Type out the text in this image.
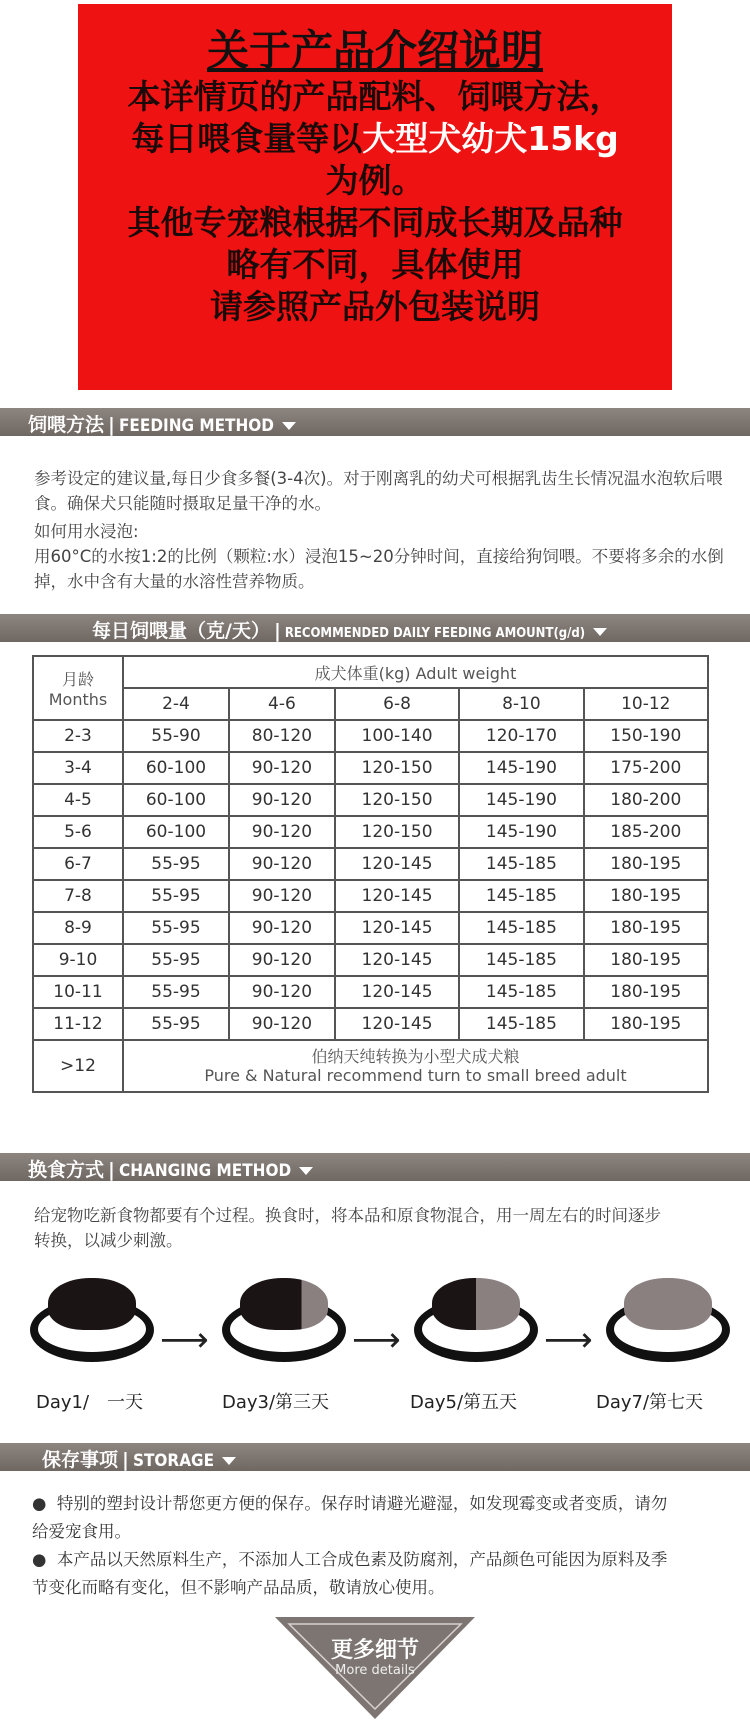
关于产品介绍说明
本详情页的产品配料、饲喂方法，
每日喂食量等以大型犬幼犬15kg
为例。
其他专宠粮根据不同成长期及品种
略有不同，具体使用
请参照产品外包装说明
饲喂方法 | FEEDING METHOD
参考设定的建议量,每日少食多餐(3-4次)。对于刚离乳的幼犬可根据乳齿生长情况温水泡软后喂食。确保犬只能随时摄取足量干净的水。
如何用水浸泡:
用60°C的水按1:2的比例（颗粒:水）浸泡15~20分钟时间，直接给狗饲喂。不要将多余的水倒掉，水中含有大量的水溶性营养物质。
每日饲喂量（克/天） | RECOMMENDED DAILY FEEDING AMOUNT(g/d)
月龄
Months	成犬体重(kg) Adult weight				
	2-4	4-6	6-8	8-10	10-12
2-3	55-90	80-120	100-140	120-170	150-190
3-4	60-100	90-120	120-150	145-190	175-200
4-5	60-100	90-120	120-150	145-190	180-200
5-6	60-100	90-120	120-150	145-190	185-200
6-7	55-95	90-120	120-145	145-185	180-195
7-8	55-95	90-120	120-145	145-185	180-195
8-9	55-95	90-120	120-145	145-185	180-195
9-10	55-95	90-120	120-145	145-185	180-195
10-11	55-95	90-120	120-145	145-185	180-195
11-12	55-95	90-120	120-145	145-185	180-195
>12	伯纳天纯转换为小型犬成犬粮
Pure & Natural recommend turn to small breed adult				
换食方式 | CHANGING METHOD
给宠物吃新食物都要有个过程。换食时，将本品和原食物混合，用一周左右的时间逐步转换，以减少刺激。
⟶	⟶	⟶
Day1/　一天	Day3/第三天	Day5/第五天	Day7/第七天
保存事项 | STORAGE
●  特别的塑封设计帮您更方便的保存。保存时请避光避湿，如发现霉变或者变质，请勿给爱宠食用。
●  本产品以天然原料生产，不添加人工合成色素及防腐剂，产品颜色可能因为原料及季节变化而略有变化，但不影响产品品质，敬请放心使用。
更多细节
More details
